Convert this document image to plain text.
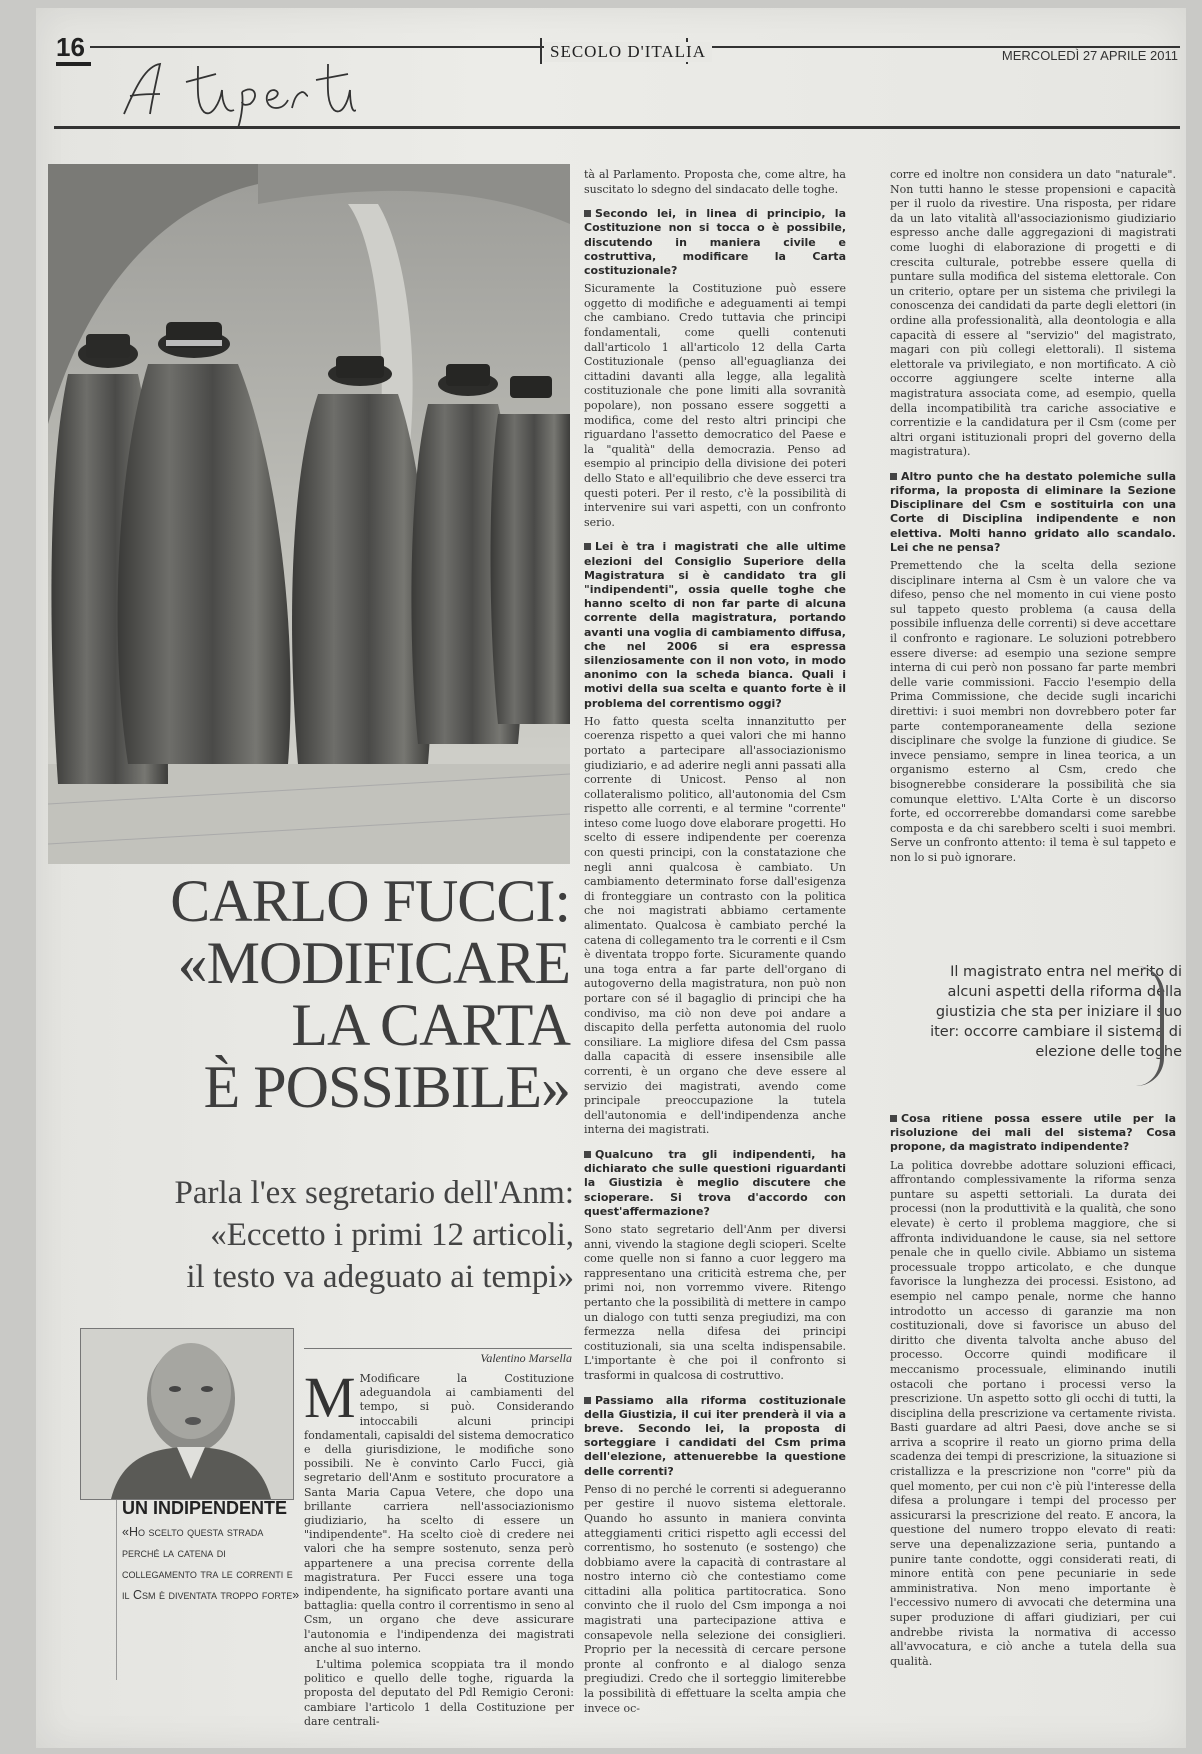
16	SECOLO D'ITALIA	MERCOLEDÌ 27 APRILE 2011
A tu per tu
CARLO FUCCI:
«MODIFICARE
LA CARTA
È POSSIBILE»
Parla l'ex segretario dell'Anm:
«Eccetto i primi 12 articoli,
il testo va adeguato ai tempi»
UN INDIPENDENTE
«Ho scelto questa strada perché la catena di collegamento tra le correnti e il Csm è diventata troppo forte»
Valentino Marsella
M Modificare la Costituzione adeguandola ai cambiamenti del tempo, si può. Considerando intoccabili alcuni principi fondamentali, capisaldi del sistema democratico e della giurisdizione, le modifiche sono possibili. Ne è convinto Carlo Fucci, già segretario dell'Anm e sostituto procuratore a Santa Maria Capua Vetere, che dopo una brillante carriera nell'associazionismo giudiziario, ha scelto di essere un "indipendente". Ha scelto cioè di credere nei valori che ha sempre sostenuto, senza però appartenere a una precisa corrente della magistratura. Per Fucci essere una toga indipendente, ha significato portare avanti una battaglia: quella contro il correntismo in seno al Csm, un organo che deve assicurare l'autonomia e l'indipendenza dei magistrati anche al suo interno.

L'ultima polemica scoppiata tra il mondo politico e quello delle toghe, riguarda la proposta del deputato del Pdl Remigio Ceroni: cambiare l'articolo 1 della Costituzione per dare centrali-

tà al Parlamento. Proposta che, come altre, ha suscitato lo sdegno del sindacato delle toghe.

Secondo lei, in linea di principio, la Costituzione non si tocca o è possibile, discutendo in maniera civile e costruttiva, modificare la Carta costituzionale?

Sicuramente la Costituzione può essere oggetto di modifiche e adeguamenti ai tempi che cambiano. Credo tuttavia che principi fondamentali, come quelli contenuti dall'articolo 1 all'articolo 12 della Carta Costituzionale (penso all'eguaglianza dei cittadini davanti alla legge, alla legalità costituzionale che pone limiti alla sovranità popolare), non possano essere soggetti a modifica, come del resto altri principi che riguardano l'assetto democratico del Paese e la "qualità" della democrazia. Penso ad esempio al principio della divisione dei poteri dello Stato e all'equilibrio che deve esserci tra questi poteri. Per il resto, c'è la possibilità di intervenire sui vari aspetti, con un confronto serio.

Lei è tra i magistrati che alle ultime elezioni del Consiglio Superiore della Magistratura si è candidato tra gli "indipendenti", ossia quelle toghe che hanno scelto di non far parte di alcuna corrente della magistratura, portando avanti una voglia di cambiamento diffusa, che nel 2006 si era espressa silenziosamente con il non voto, in modo anonimo con la scheda bianca. Quali i motivi della sua scelta e quanto forte è il problema del correntismo oggi?

Ho fatto questa scelta innanzitutto per coerenza rispetto a quei valori che mi hanno portato a partecipare all'associazionismo giudiziario, e ad aderire negli anni passati alla corrente di Unicost. Penso al non collateralismo politico, all'autonomia del Csm rispetto alle correnti, e al termine "corrente" inteso come luogo dove elaborare progetti. Ho scelto di essere indipendente per coerenza con questi principi, con la constatazione che negli anni qualcosa è cambiato. Un cambiamento determinato forse dall'esigenza di fronteggiare un contrasto con la politica che noi magistrati abbiamo certamente alimentato. Qualcosa è cambiato perché la catena di collegamento tra le correnti e il Csm è diventata troppo forte. Sicuramente quando una toga entra a far parte dell'organo di autogoverno della magistratura, non può non portare con sé il bagaglio di principi che ha condiviso, ma ciò non deve poi andare a discapito della perfetta autonomia del ruolo consiliare. La migliore difesa del Csm passa dalla capacità di essere insensibile alle correnti, è un organo che deve essere al servizio dei magistrati, avendo come principale preoccupazione la tutela dell'autonomia e dell'indipendenza anche interna dei magistrati.

Qualcuno tra gli indipendenti, ha dichiarato che sulle questioni riguardanti la Giustizia è meglio discutere che scioperare. Si trova d'accordo con quest'affermazione?

Sono stato segretario dell'Anm per diversi anni, vivendo la stagione degli scioperi. Scelte come quelle non si fanno a cuor leggero ma rappresentano una criticità estrema che, per primi noi, non vorremmo vivere. Ritengo pertanto che la possibilità di mettere in campo un dialogo con tutti senza pregiudizi, ma con fermezza nella difesa dei principi costituzionali, sia una scelta indispensabile. L'importante è che poi il confronto si trasformi in qualcosa di costruttivo.

Passiamo alla riforma costituzionale della Giustizia, il cui iter prenderà il via a breve. Secondo lei, la proposta di sorteggiare i candidati del Csm prima dell'elezione, attenuerebbe la questione delle correnti?

Penso di no perché le correnti si adegueranno per gestire il nuovo sistema elettorale. Quando ho assunto in maniera convinta atteggiamenti critici rispetto agli eccessi del correntismo, ho sostenuto (e sostengo) che dobbiamo avere la capacità di contrastare al nostro interno ciò che contestiamo come cittadini alla politica partitocratica. Sono convinto che il ruolo del Csm imponga a noi magistrati una partecipazione attiva e consapevole nella selezione dei consiglieri. Proprio per la necessità di cercare persone pronte al confronto e al dialogo senza pregiudizi. Credo che il sorteggio limiterebbe la possibilità di effettuare la scelta ampia che invece oc-

corre ed inoltre non considera un dato "naturale". Non tutti hanno le stesse propensioni e capacità per il ruolo da rivestire. Una risposta, per ridare da un lato vitalità all'associazionismo giudiziario espresso anche dalle aggregazioni di magistrati come luoghi di elaborazione di progetti e di crescita culturale, potrebbe essere quella di puntare sulla modifica del sistema elettorale. Con un criterio, optare per un sistema che privilegi la conoscenza dei candidati da parte degli elettori (in ordine alla professionalità, alla deontologia e alla capacità di essere al "servizio" del magistrato, magari con più collegi elettorali). Il sistema elettorale va privilegiato, e non mortificato. A ciò occorre aggiungere scelte interne alla magistratura associata come, ad esempio, quella della incompatibilità tra cariche associative e correntizie e la candidatura per il Csm (come per altri organi istituzionali propri del governo della magistratura).

Altro punto che ha destato polemiche sulla riforma, la proposta di eliminare la Sezione Disciplinare del Csm e sostituirla con una Corte di Disciplina indipendente e non elettiva. Molti hanno gridato allo scandalo. Lei che ne pensa?

Premettendo che la scelta della sezione disciplinare interna al Csm è un valore che va difeso, penso che nel momento in cui viene posto sul tappeto questo problema (a causa della possibile influenza delle correnti) si deve accettare il confronto e ragionare. Le soluzioni potrebbero essere diverse: ad esempio una sezione sempre interna di cui però non possano far parte membri delle varie commissioni. Faccio l'esempio della Prima Commissione, che decide sugli incarichi direttivi: i suoi membri non dovrebbero poter far parte contemporaneamente della sezione disciplinare che svolge la funzione di giudice. Se invece pensiamo, sempre in linea teorica, a un organismo esterno al Csm, credo che bisognerebbe considerare la possibilità che sia comunque elettivo. L'Alta Corte è un discorso forte, ed occorrerebbe domandarsi come sarebbe composta e da chi sarebbero scelti i suoi membri. Serve un confronto attento: il tema è sul tappeto e non lo si può ignorare.

Il magistrato entra nel merito di alcuni aspetti della riforma della giustizia che sta per iniziare il suo iter: occorre cambiare il sistema di elezione delle toghe
Cosa ritiene possa essere utile per la risoluzione dei mali del sistema? Cosa propone, da magistrato indipendente?

La politica dovrebbe adottare soluzioni efficaci, affrontando complessivamente la riforma senza puntare su aspetti settoriali. La durata dei processi (non la produttività e la qualità, che sono elevate) è certo il problema maggiore, che si affronta individuandone le cause, sia nel settore penale che in quello civile. Abbiamo un sistema processuale troppo articolato, e che dunque favorisce la lunghezza dei processi. Esistono, ad esempio nel campo penale, norme che hanno introdotto un accesso di garanzie ma non costituzionali, dove si favorisce un abuso del diritto che diventa talvolta anche abuso del processo. Occorre quindi modificare il meccanismo processuale, eliminando inutili ostacoli che portano i processi verso la prescrizione. Un aspetto sotto gli occhi di tutti, la disciplina della prescrizione va certamente rivista. Basti guardare ad altri Paesi, dove anche se si arriva a scoprire il reato un giorno prima della scadenza dei tempi di prescrizione, la situazione si cristallizza e la prescrizione non "corre" più da quel momento, per cui non c'è più l'interesse della difesa a prolungare i tempi del processo per assicurarsi la prescrizione del reato. E ancora, la questione del numero troppo elevato di reati: serve una depenalizzazione seria, puntando a punire tante condotte, oggi considerati reati, di minore entità con pene pecuniarie in sede amministrativa. Non meno importante è l'eccessivo numero di avvocati che determina una super produzione di affari giudiziari, per cui andrebbe rivista la normativa di accesso all'avvocatura, e ciò anche a tutela della sua qualità.
